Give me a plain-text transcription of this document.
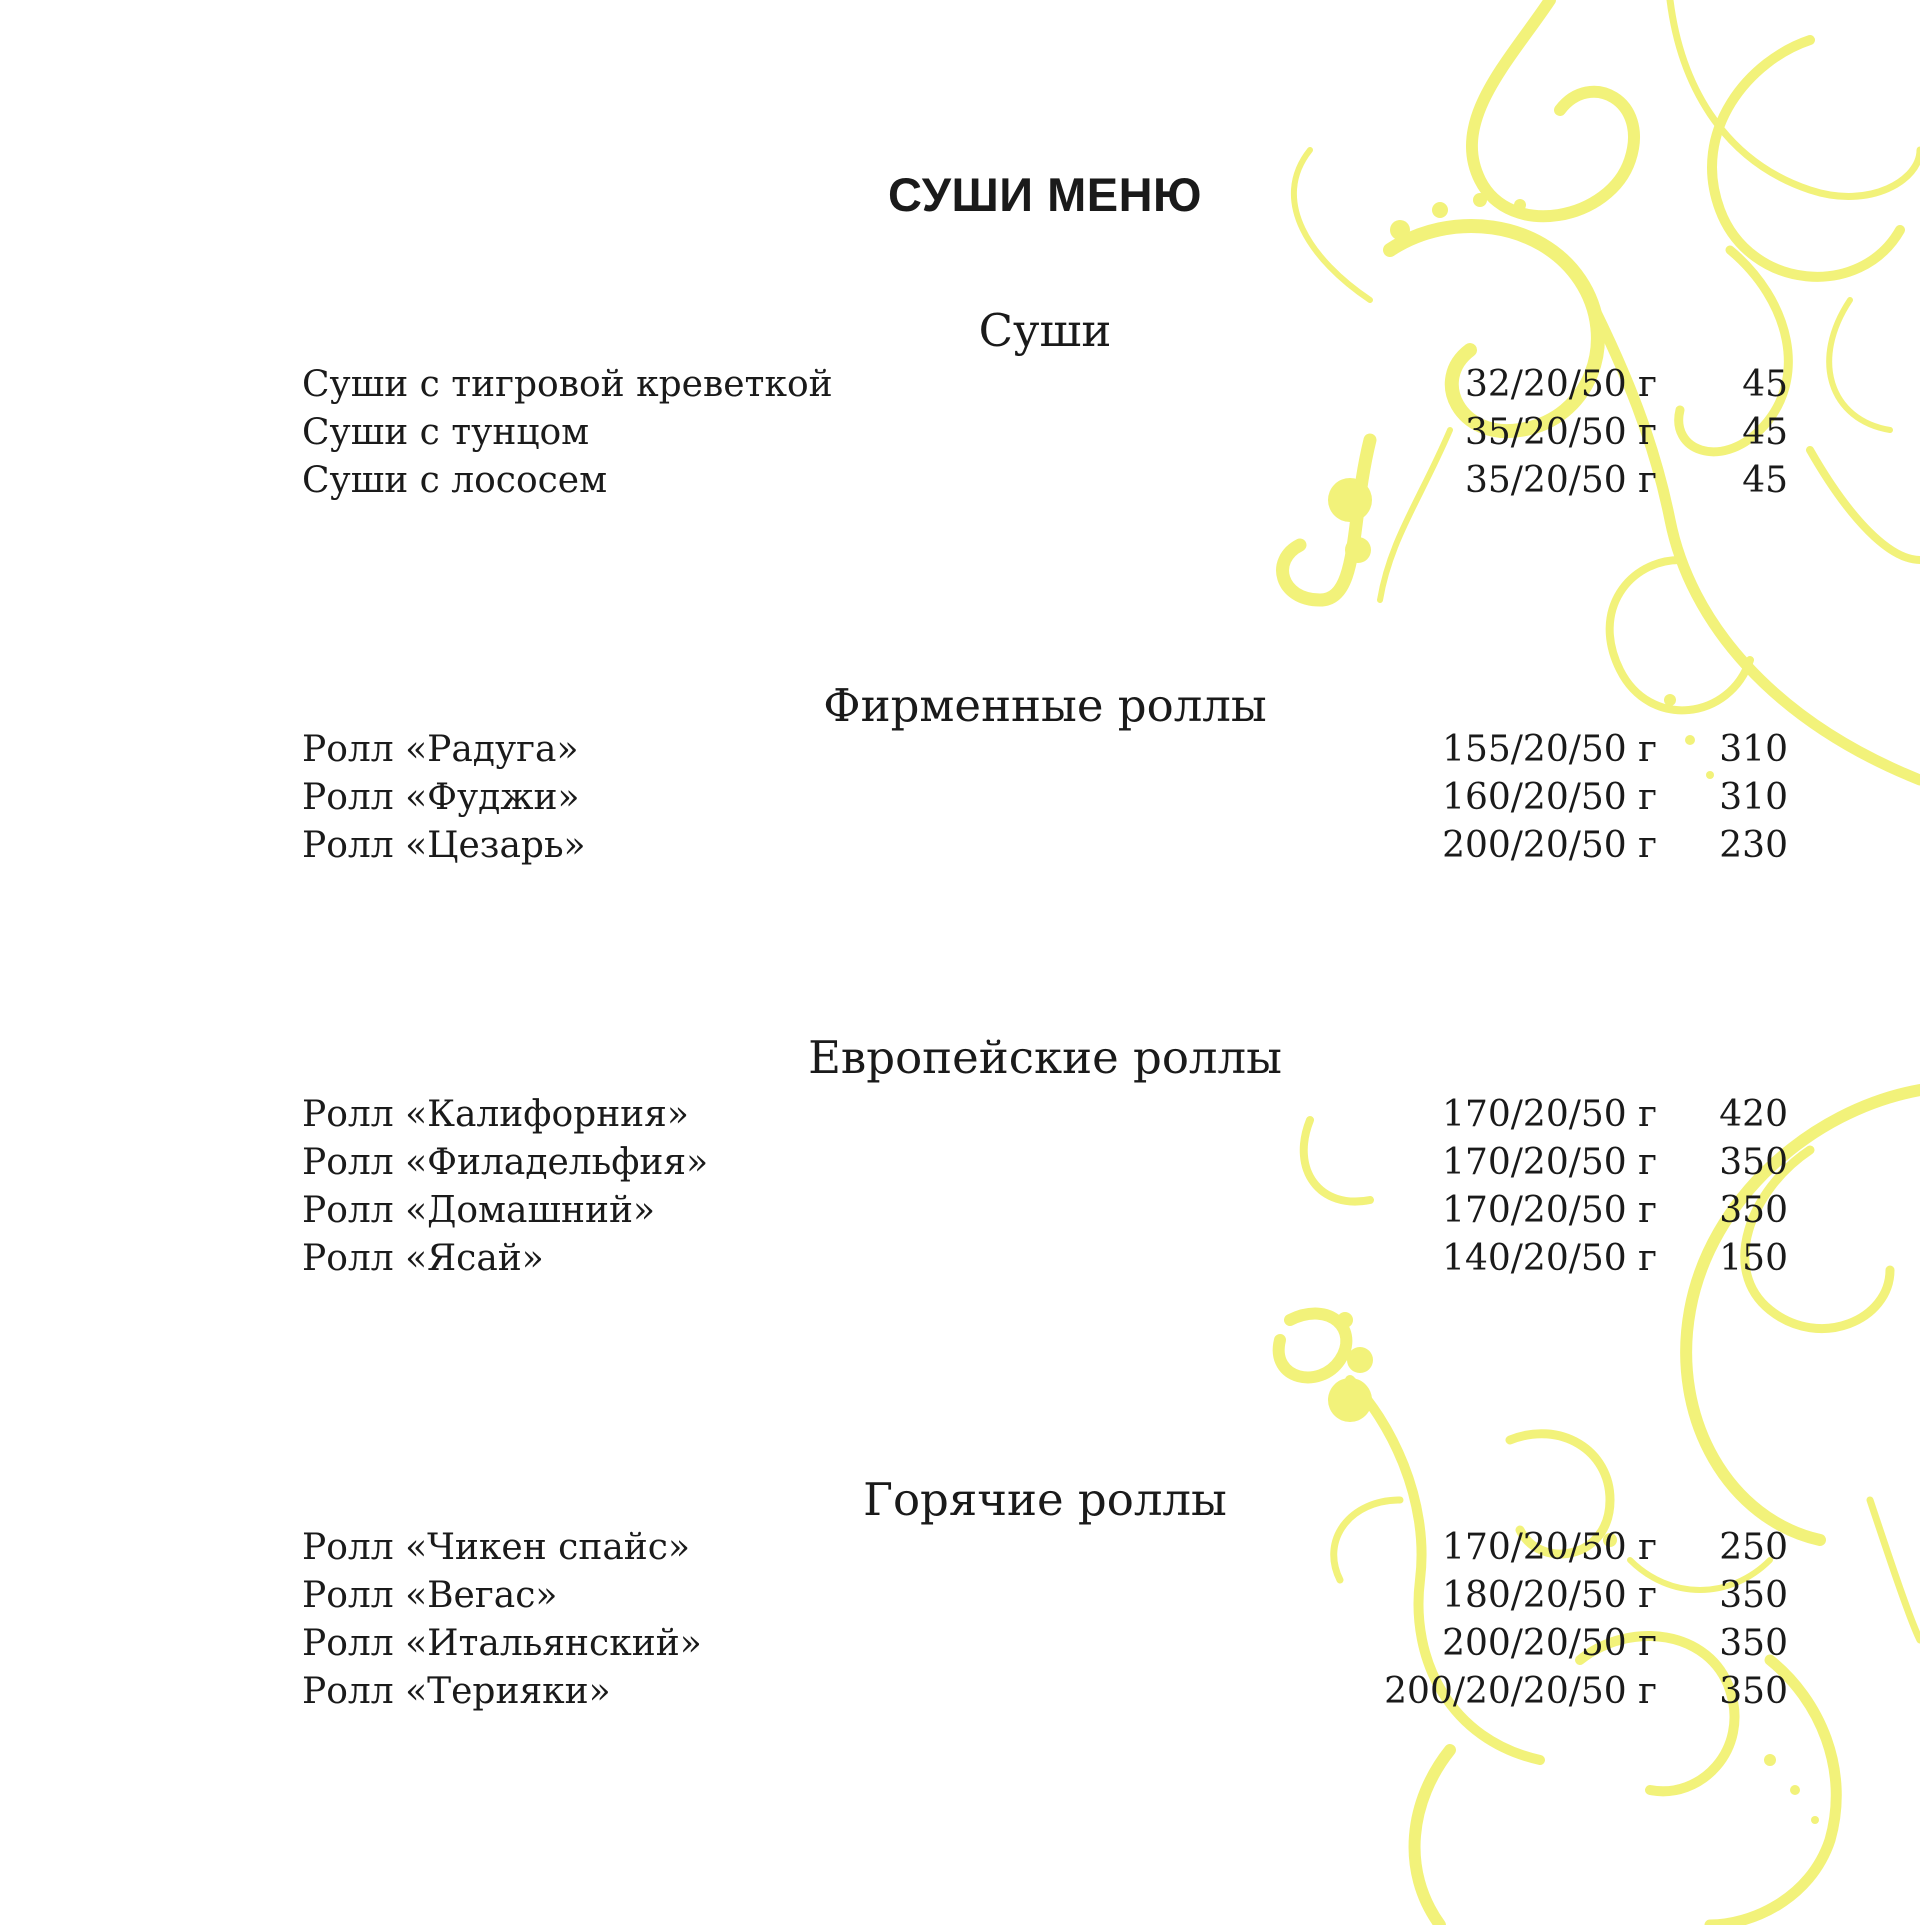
СУШИ МЕНЮ
Суши
Суши с тигровой креветкой	32/20/50 г 45
Суши с тунцом	35/20/50 г 45
Суши с лососем	35/20/50 г 45
Фирменные роллы
Ролл «Радуга»	155/20/50 г 310
Ролл «Фуджи»	160/20/50 г 310
Ролл «Цезарь»	200/20/50 г 230
Европейские роллы
Ролл «Калифорния»	170/20/50 г 420
Ролл «Филадельфия»	170/20/50 г 350
Ролл «Домашний»	170/20/50 г 350
Ролл «Ясай»	140/20/50 г 150
Горячие роллы
Ролл «Чикен спайс»	170/20/50 г 250
Ролл «Вегас»	180/20/50 г 350
Ролл «Итальянский»	200/20/50 г 350
Ролл «Терияки»	200/20/20/50 г 350
